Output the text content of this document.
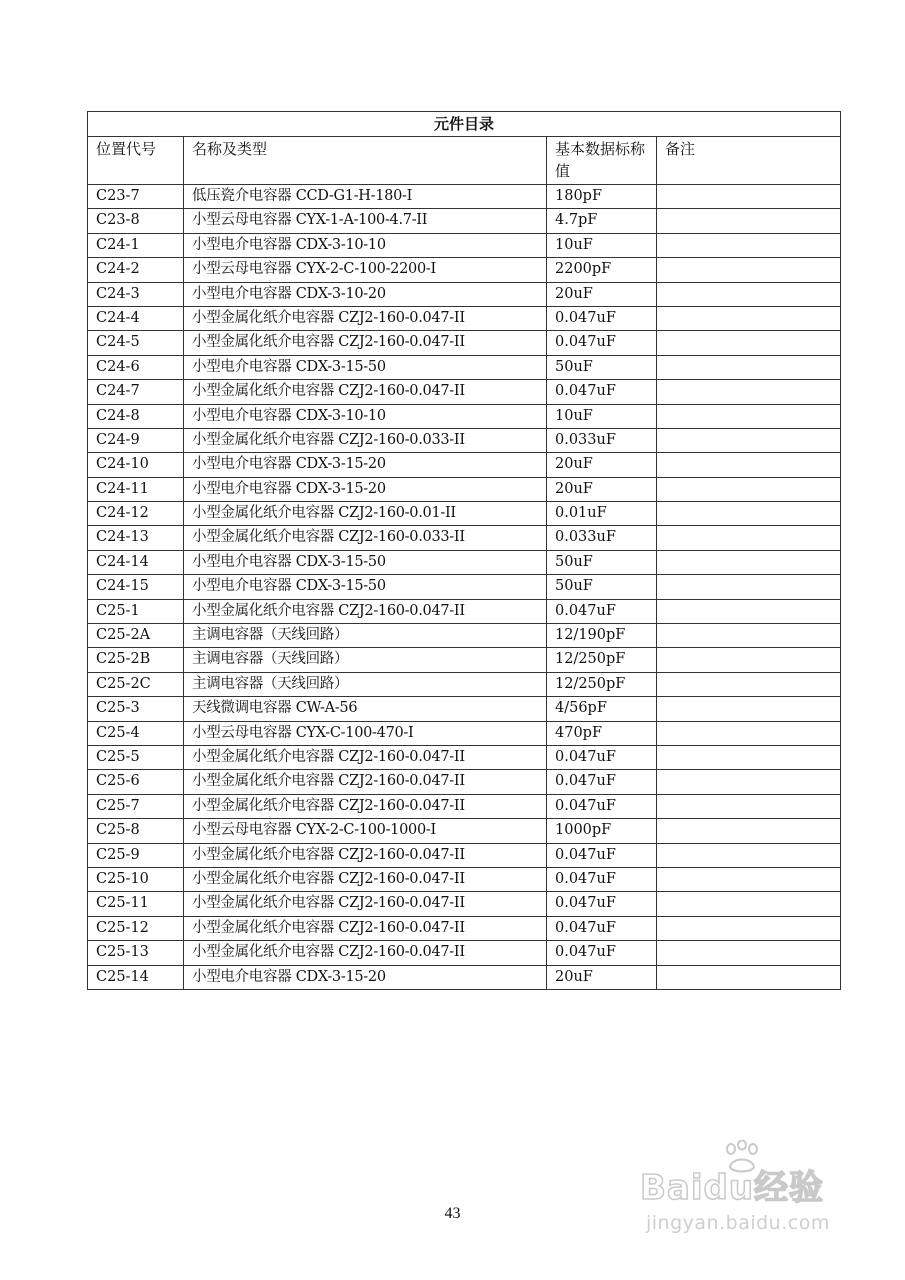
元件目录			
位置代号	名称及类型	基本数据标称值	备注
C23-7	低压瓷介电容器 CCD-G1-H-180-I	180pF	
C23-8	小型云母电容器 CYX-1-A-100-4.7-II	4.7pF	
C24-1	小型电介电容器 CDX-3-10-10	10uF	
C24-2	小型云母电容器 CYX-2-C-100-2200-I	2200pF	
C24-3	小型电介电容器 CDX-3-10-20	20uF	
C24-4	小型金属化纸介电容器 CZJ2-160-0.047-II	0.047uF	
C24-5	小型金属化纸介电容器 CZJ2-160-0.047-II	0.047uF	
C24-6	小型电介电容器 CDX-3-15-50	50uF	
C24-7	小型金属化纸介电容器 CZJ2-160-0.047-II	0.047uF	
C24-8	小型电介电容器 CDX-3-10-10	10uF	
C24-9	小型金属化纸介电容器 CZJ2-160-0.033-II	0.033uF	
C24-10	小型电介电容器 CDX-3-15-20	20uF	
C24-11	小型电介电容器 CDX-3-15-20	20uF	
C24-12	小型金属化纸介电容器 CZJ2-160-0.01-II	0.01uF	
C24-13	小型金属化纸介电容器 CZJ2-160-0.033-II	0.033uF	
C24-14	小型电介电容器 CDX-3-15-50	50uF	
C24-15	小型电介电容器 CDX-3-15-50	50uF	
C25-1	小型金属化纸介电容器 CZJ2-160-0.047-II	0.047uF	
C25-2A	主调电容器（天线回路）	12/190pF	
C25-2B	主调电容器（天线回路）	12/250pF	
C25-2C	主调电容器（天线回路）	12/250pF	
C25-3	天线微调电容器 CW-A-56	4/56pF	
C25-4	小型云母电容器 CYX-C-100-470-I	470pF	
C25-5	小型金属化纸介电容器 CZJ2-160-0.047-II	0.047uF	
C25-6	小型金属化纸介电容器 CZJ2-160-0.047-II	0.047uF	
C25-7	小型金属化纸介电容器 CZJ2-160-0.047-II	0.047uF	
C25-8	小型云母电容器 CYX-2-C-100-1000-I	1000pF	
C25-9	小型金属化纸介电容器 CZJ2-160-0.047-II	0.047uF	
C25-10	小型金属化纸介电容器 CZJ2-160-0.047-II	0.047uF	
C25-11	小型金属化纸介电容器 CZJ2-160-0.047-II	0.047uF	
C25-12	小型金属化纸介电容器 CZJ2-160-0.047-II	0.047uF	
C25-13	小型金属化纸介电容器 CZJ2-160-0.047-II	0.047uF	
C25-14	小型电介电容器 CDX-3-15-20	20uF	
43
Baidu经验
jingyan.baidu.com
